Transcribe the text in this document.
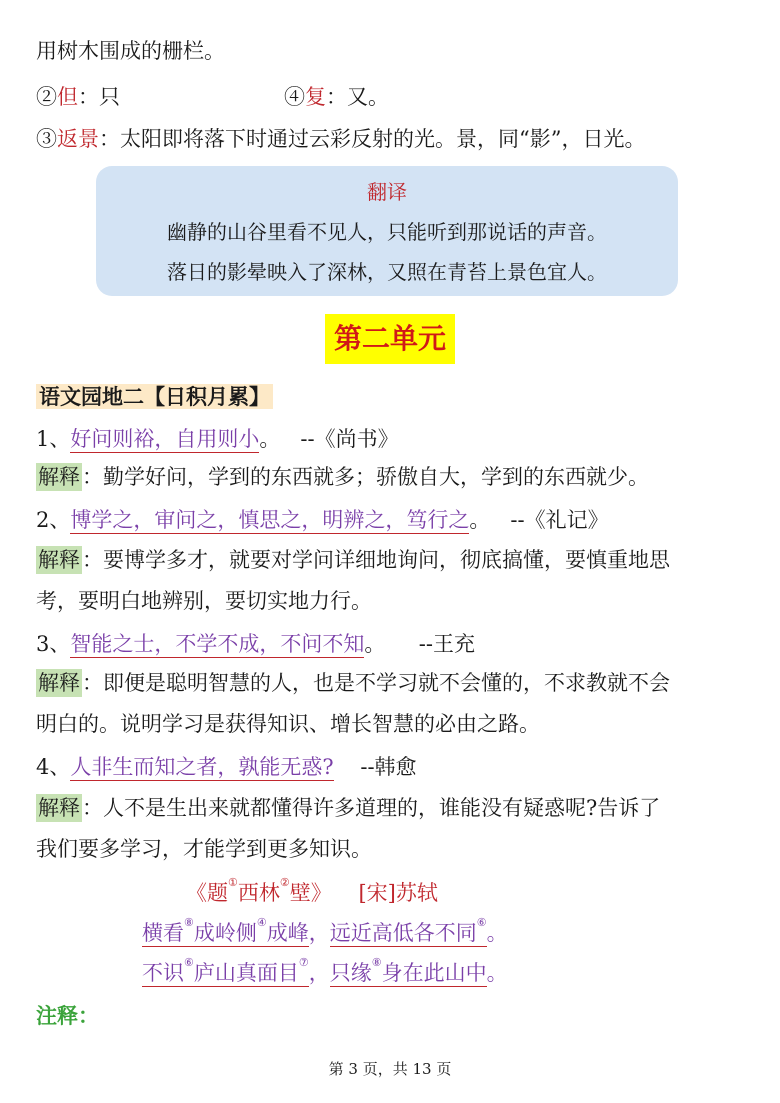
用树木围成的栅栏。
②但：只	④复：又。
③返景：太阳即将落下时通过云彩反射的光。景，同“影”，日光。
翻译
幽静的山谷里看不见人，只能听到那说话的声音。
落日的影晕映入了深林，又照在青苔上景色宜人。
第二单元
语文园地二【日积月累】
1、好问则裕，自用则小。 --《尚书》
解释：勤学好问，学到的东西就多；骄傲自大，学到的东西就少。
2、博学之，审问之，慎思之，明辨之，笃行之。 --《礼记》
解释：要博学多才，就要对学问详细地询问，彻底搞懂，要慎重地思
考，要明白地辨别，要切实地力行。
3、智能之士，不学不成，不问不知。 --王充
解释：即便是聪明智慧的人，也是不学习就不会懂的，不求教就不会
明白的。说明学习是获得知识、增长智慧的必由之路。
4、人非生而知之者，孰能无惑? --韩愈
解释：人不是生出来就都懂得许多道理的，谁能没有疑惑呢?告诉了
我们要多学习，才能学到更多知识。
《题①西林②壁》 [宋]苏轼
横看⑧成岭侧④成峰，远近高低各不同⑥。
不识⑥庐山真面目⑦，只缘⑧身在此山中。
注释：
第 3 页，共 13 页
